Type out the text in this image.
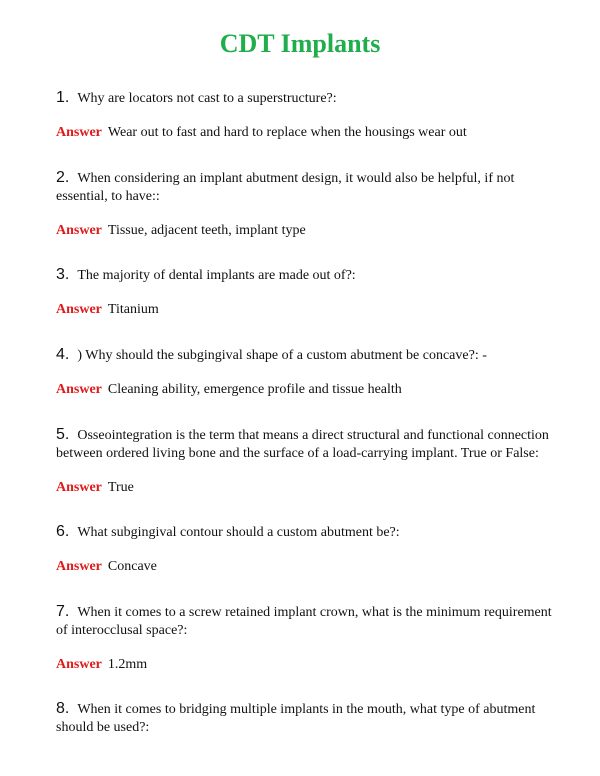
CDT Implants

1. Why are locators not cast to a superstructure?:

Answer Wear out to fast and hard to replace when the housings wear out

2. When considering an implant abutment design, it would also be helpful, if not essential, to have::

Answer Tissue, adjacent teeth, implant type

3. The majority of dental implants are made out of?:

Answer Titanium

4. ) Why should the subgingival shape of a custom abutment be concave?: -

Answer Cleaning ability, emergence profile and tissue health

5. Osseointegration is the term that means a direct structural and functional connection between ordered living bone and the surface of a load-carrying implant. True or False:

Answer True

6. What subgingival contour should a custom abutment be?:

Answer Concave

7. When it comes to a screw retained implant crown, what is the minimum requirement of interocclusal space?:

Answer 1.2mm

8. When it comes to bridging multiple implants in the mouth, what type of abutment should be used?:
